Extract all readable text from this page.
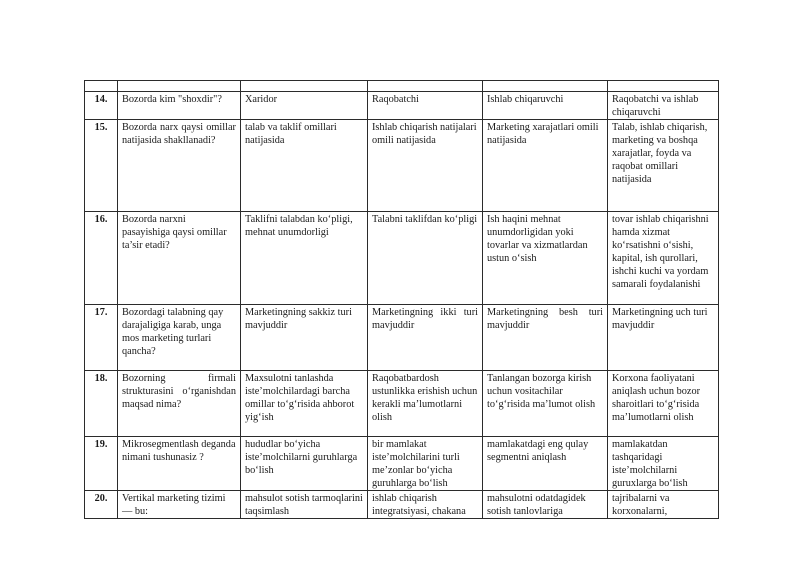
14.	Bozorda kim "shoxdir"?	Xaridor	Raqobatchi	Ishlab chiqaruvchi	Raqobatchi va ishlab chiqaruvchi
15.	Bozorda narx qaysi omillar natijasida shakllanadi?	talab va taklif omillari natijasida	Ishlab chiqarish natijalari omili natijasida	Marketing xarajatlari omili natijasida	Talab, ishlab chiqarish, marketing va boshqa xarajatlar, foyda va raqobat omillari natijasida
16.	Bozorda narxni pasayishiga qaysi omillar ta’sir etadi?	Taklifni talabdan ko‘pligi, mehnat unumdorligi	Talabni taklifdan ko‘pligi	Ish haqini mehnat unumdorligidan yoki tovarlar va xizmatlardan ustun o‘sish	tovar ishlab chiqarishni hamda xizmat ko‘rsatishni o‘sishi, kapital, ish qurollari, ishchi kuchi va yordam samarali foydalanishi
17.	Bozordagi talabning qay darajaligiga karab, unga mos marketing turlari qancha?	Marketingning sakkiz turi mavjuddir	Marketingning ikki turi mavjuddir	Marketingning besh turi mavjuddir	Marketingning uch turi mavjuddir
18.	Bozorning firmali strukturasini o‘rganishdan maqsad nima?	Maxsulotni tanlashda iste’molchilardagi barcha omillar to‘g‘risida ahborot yig‘ish	Raqobatbardosh ustunlikka erishish uchun kerakli ma’lumotlarni olish	Tanlangan bozorga kirish uchun vositachilar to‘g‘risida ma’lumot olish	Korxona faoliyatani aniqlash uchun bozor sharoitlari to‘g‘risida ma’lumotlarni olish
19.	Mikrosegmentlash deganda nimani tushunasiz ?	hududlar bo‘yicha iste’molchilarni guruhlarga bo‘lish	bir mamlakat iste’molchilarini turli me’zonlar bo‘yicha guruhlarga bo‘lish	mamlakatdagi eng qulay segmentni aniqlash	mamlakatdan tashqaridagi iste’molchilarni guruxlarga bo‘lish
20.	Vertikal marketing tizimi — bu:	mahsulot sotish tarmoqlarini taqsimlash	ishlab chiqarish integratsiyasi, chakana	mahsulotni odatdagidek sotish tanlovlariga	tajribalarni va korxonalarni,
